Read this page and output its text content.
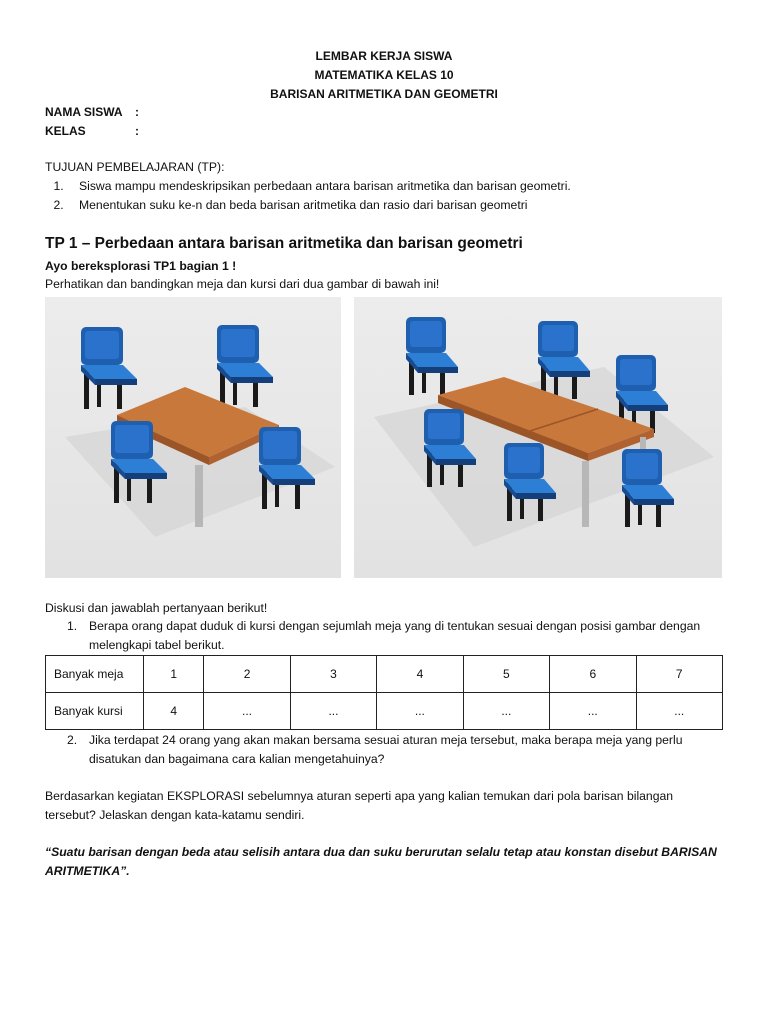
LEMBAR KERJA SISWA
MATEMATIKA KELAS 10
BARISAN ARITMETIKA DAN GEOMETRI
NAMA SISWA	:
KELAS	:
TUJUAN PEMBELAJARAN (TP):
1. Siswa mampu mendeskripsikan perbedaan antara barisan aritmetika dan barisan geometri.
2. Menentukan suku ke-n dan beda barisan aritmetika dan rasio dari barisan geometri
TP 1 – Perbedaan antara barisan aritmetika dan barisan geometri
Ayo bereksplorasi TP1 bagian 1 !
Perhatikan dan bandingkan meja dan kursi dari dua gambar di bawah ini!
Diskusi dan jawablah pertanyaan berikut!
1. Berapa orang dapat duduk di kursi dengan sejumlah meja yang di tentukan sesuai dengan posisi gambar dengan melengkapi tabel berikut.
Banyak meja	1	2	3	4	5	6	7
Banyak kursi	4	...	...	...	...	...	...
2. Jika terdapat 24 orang yang akan makan bersama sesuai aturan meja tersebut, maka berapa meja yang perlu disatukan dan bagaimana cara kalian mengetahuinya?
Berdasarkan kegiatan EKSPLORASI sebelumnya aturan seperti apa yang kalian temukan dari pola barisan bilangan tersebut? Jelaskan dengan kata-katamu sendiri.
“Suatu barisan dengan beda atau selisih antara dua dan suku berurutan selalu tetap atau konstan disebut BARISAN ARITMETIKA”.
